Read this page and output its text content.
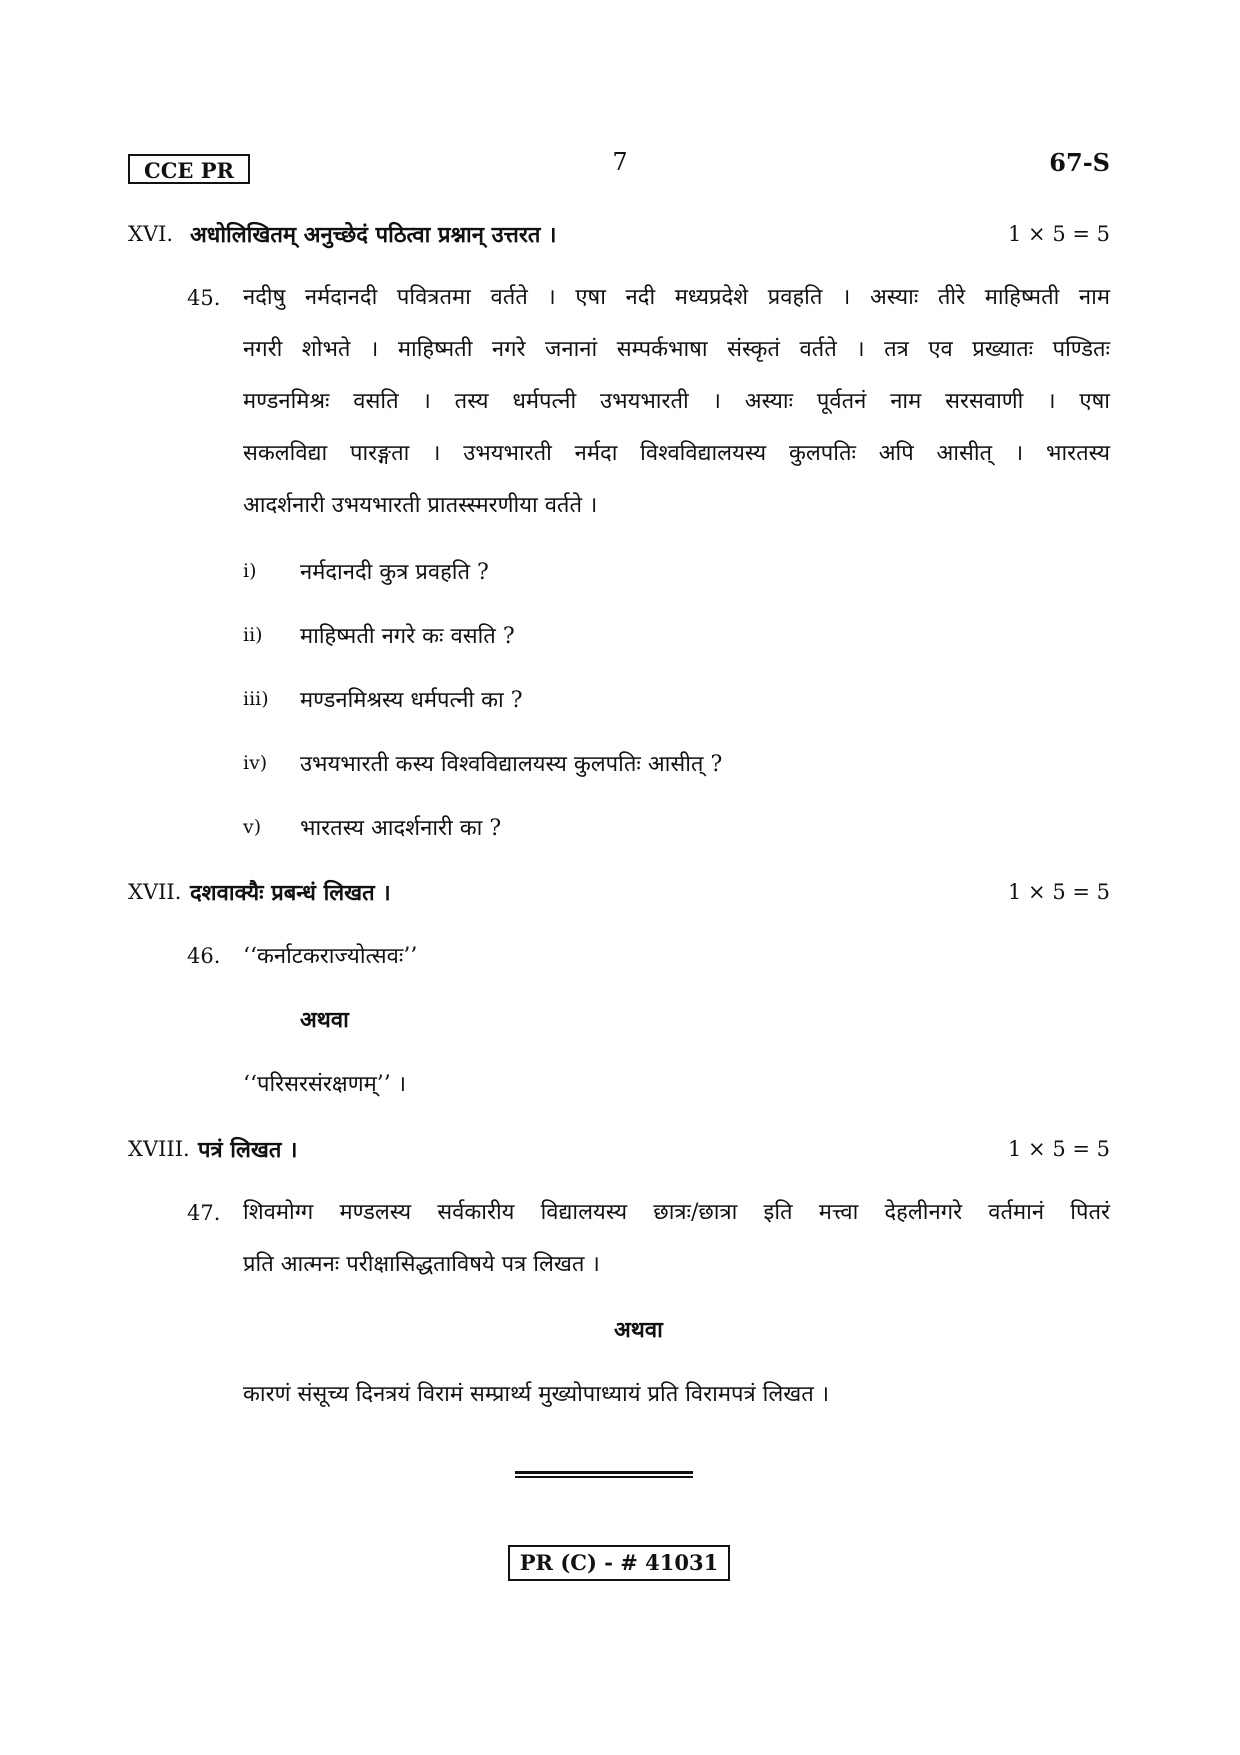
CCE PR	7	67-S
XVI. अधोलिखितम् अनुच्छेदं पठित्वा प्रश्नान् उत्तरत ।	1 × 5 = 5
45. नदीषु नर्मदानदी पवित्रतमा वर्तते । एषा नदी मध्यप्रदेशे प्रवहति । अस्याः तीरे माहिष्मती नाम
नगरी शोभते । माहिष्मती नगरे जनानां सम्पर्कभाषा संस्कृतं वर्तते । तत्र एव प्रख्यातः पण्डितः
मण्डनमिश्रः वसति । तस्य धर्मपत्नी उभयभारती । अस्याः पूर्वतनं नाम सरसवाणी । एषा
सकलविद्या पारङ्गता । उभयभारती नर्मदा विश्वविद्यालयस्य कुलपतिः अपि आसीत् । भारतस्य
आदर्शनारी उभयभारती प्रातस्स्मरणीया वर्तते ।
i) नर्मदानदी कुत्र प्रवहति ?
ii) माहिष्मती नगरे कः वसति ?
iii) मण्डनमिश्रस्य धर्मपत्नी का ?
iv) उभयभारती कस्य विश्वविद्यालयस्य कुलपतिः आसीत् ?
v) भारतस्य आदर्शनारी का ?
XVII. दशवाक्यैः प्रबन्धं लिखत ।	1 × 5 = 5
46. ‘‘कर्नाटकराज्योत्सवः’’
अथवा
‘‘परिसरसंरक्षणम्’’ ।
XVIII. पत्रं लिखत ।	1 × 5 = 5
47. शिवमोग्ग मण्डलस्य सर्वकारीय विद्यालयस्य छात्रः/छात्रा इति मत्त्वा देहलीनगरे वर्तमानं पितरं
प्रति आत्मनः परीक्षासिद्धताविषये पत्र लिखत ।
अथवा
कारणं संसूच्य दिनत्रयं विरामं सम्प्रार्थ्य मुख्योपाध्यायं प्रति विरामपत्रं लिखत ।
PR (C) - # 41031
